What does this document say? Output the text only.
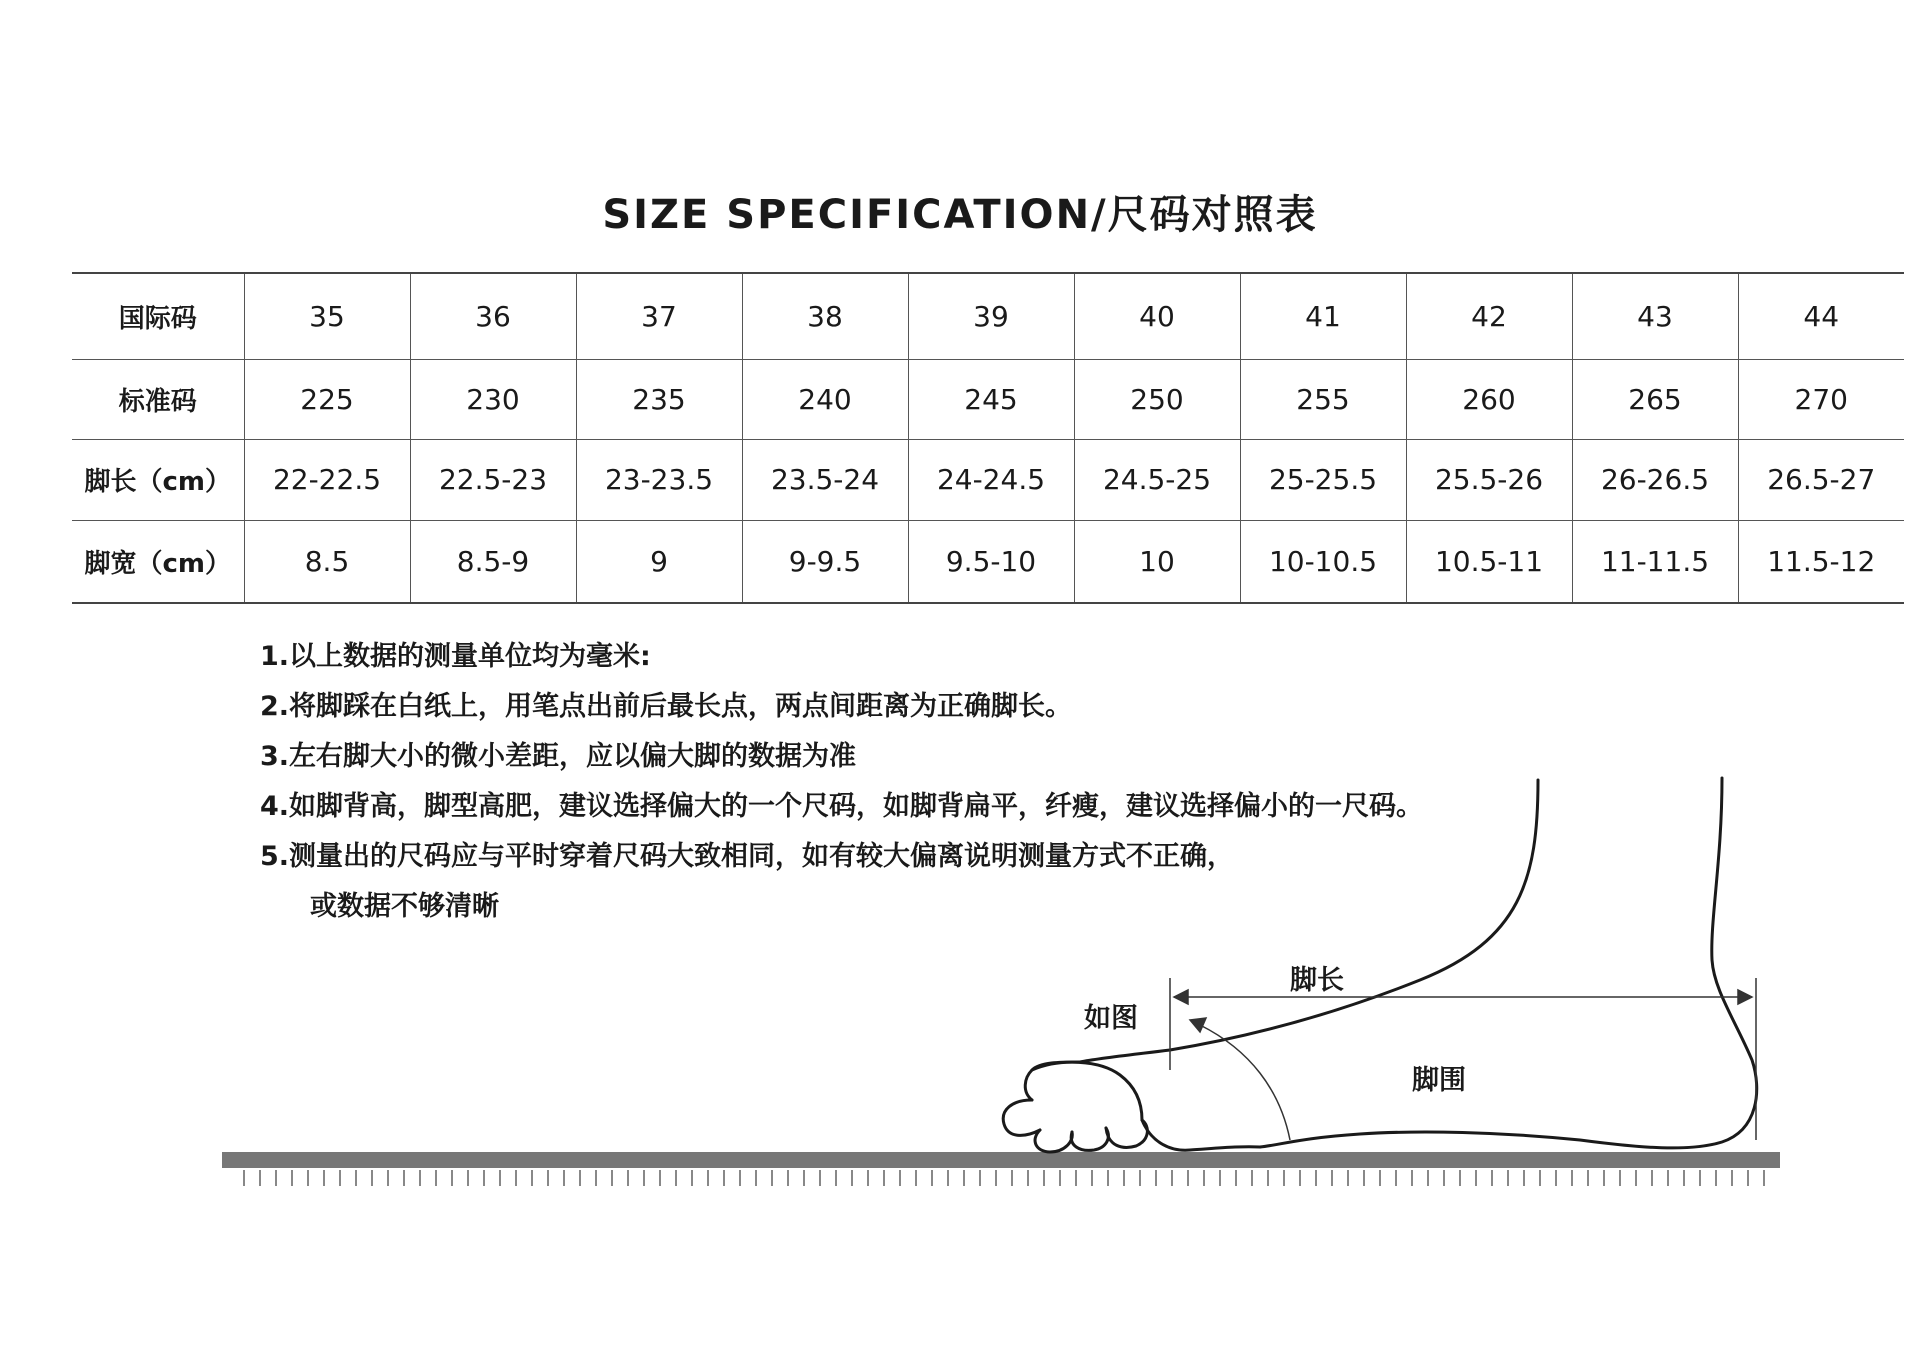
SIZE SPECIFICATION/尺码对照表
国际码	35	36	37	38	39	40	41	42	43	44
标准码	225	230	235	240	245	250	255	260	265	270
脚长（cm）	22-22.5	22.5-23	23-23.5	23.5-24	24-24.5	24.5-25	25-25.5	25.5-26	26-26.5	26.5-27
脚宽（cm）	8.5	8.5-9	9	9-9.5	9.5-10	10	10-10.5	10.5-11	11-11.5	11.5-12
1.以上数据的测量单位均为毫米:
2.将脚踩在白纸上，用笔点出前后最长点，两点间距离为正确脚长。
3.左右脚大小的微小差距，应以偏大脚的数据为准
4.如脚背高，脚型高肥，建议选择偏大的一个尺码，如脚背扁平，纤瘦，建议选择偏小的一尺码。
5.测量出的尺码应与平时穿着尺码大致相同，如有较大偏离说明测量方式不正确，
或数据不够清晰
如图
脚长
脚围
